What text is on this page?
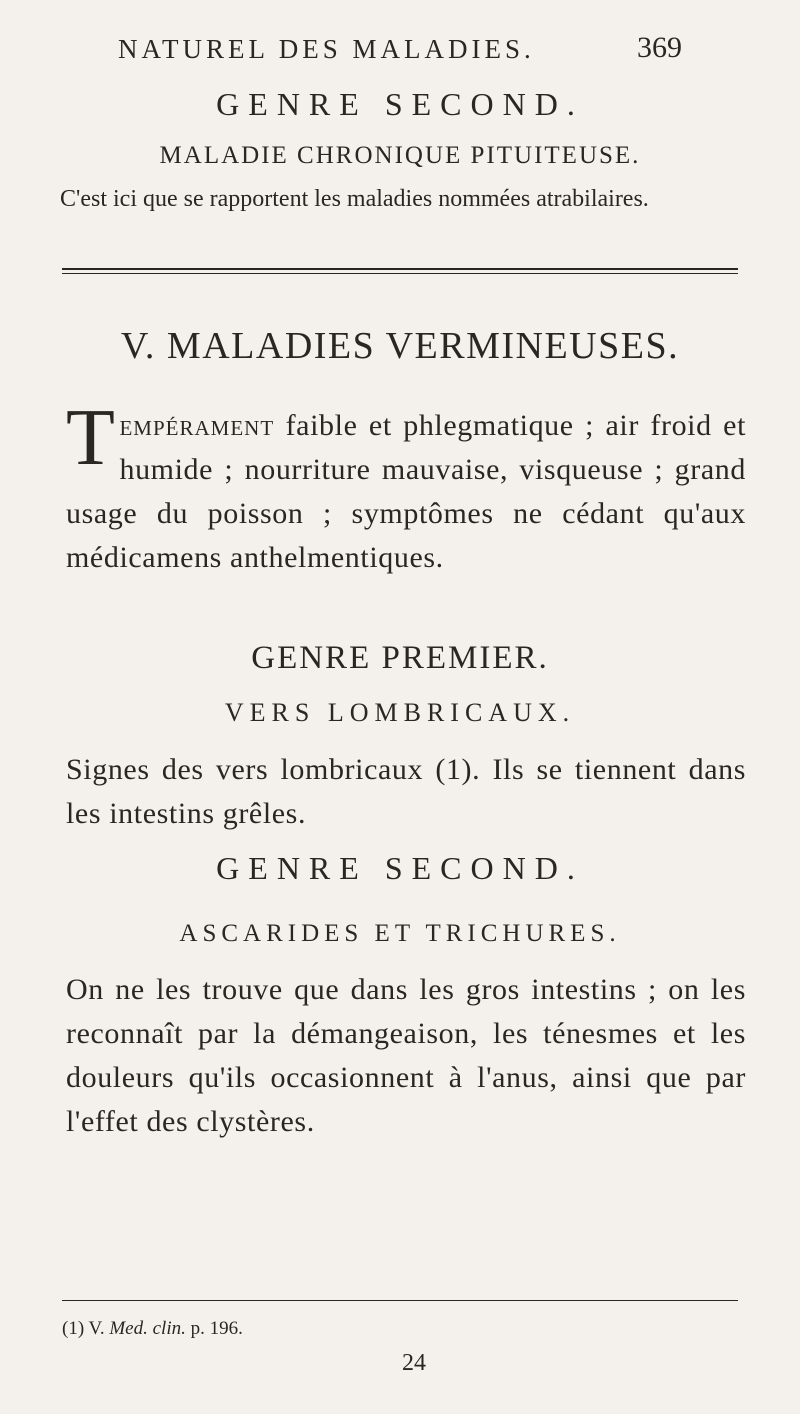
NATUREL DES MALADIES.	369
GENRE SECOND.
MALADIE CHRONIQUE PITUITEUSE.
C'est ici que se rapportent les maladies nommées atrabilaires.
V. MALADIES VERMINEUSES.
Tempérament faible et phlegmatique ; air froid et humide ; nourriture mauvaise, visqueuse ; grand usage du poisson ; symptômes ne cédant qu'aux médicamens anthelmentiques.
GENRE PREMIER.
VERS LOMBRICAUX.
Signes des vers lombricaux (1). Ils se tiennent dans les intestins grêles.
GENRE SECOND.
ASCARIDES ET TRICHURES.
On ne les trouve que dans les gros intestins ; on les reconnaît par la démangeaison, les ténesmes et les douleurs qu'ils occasionnent à l'anus, ainsi que par l'effet des clystères.
(1) V. Med. clin. p. 196.
24
